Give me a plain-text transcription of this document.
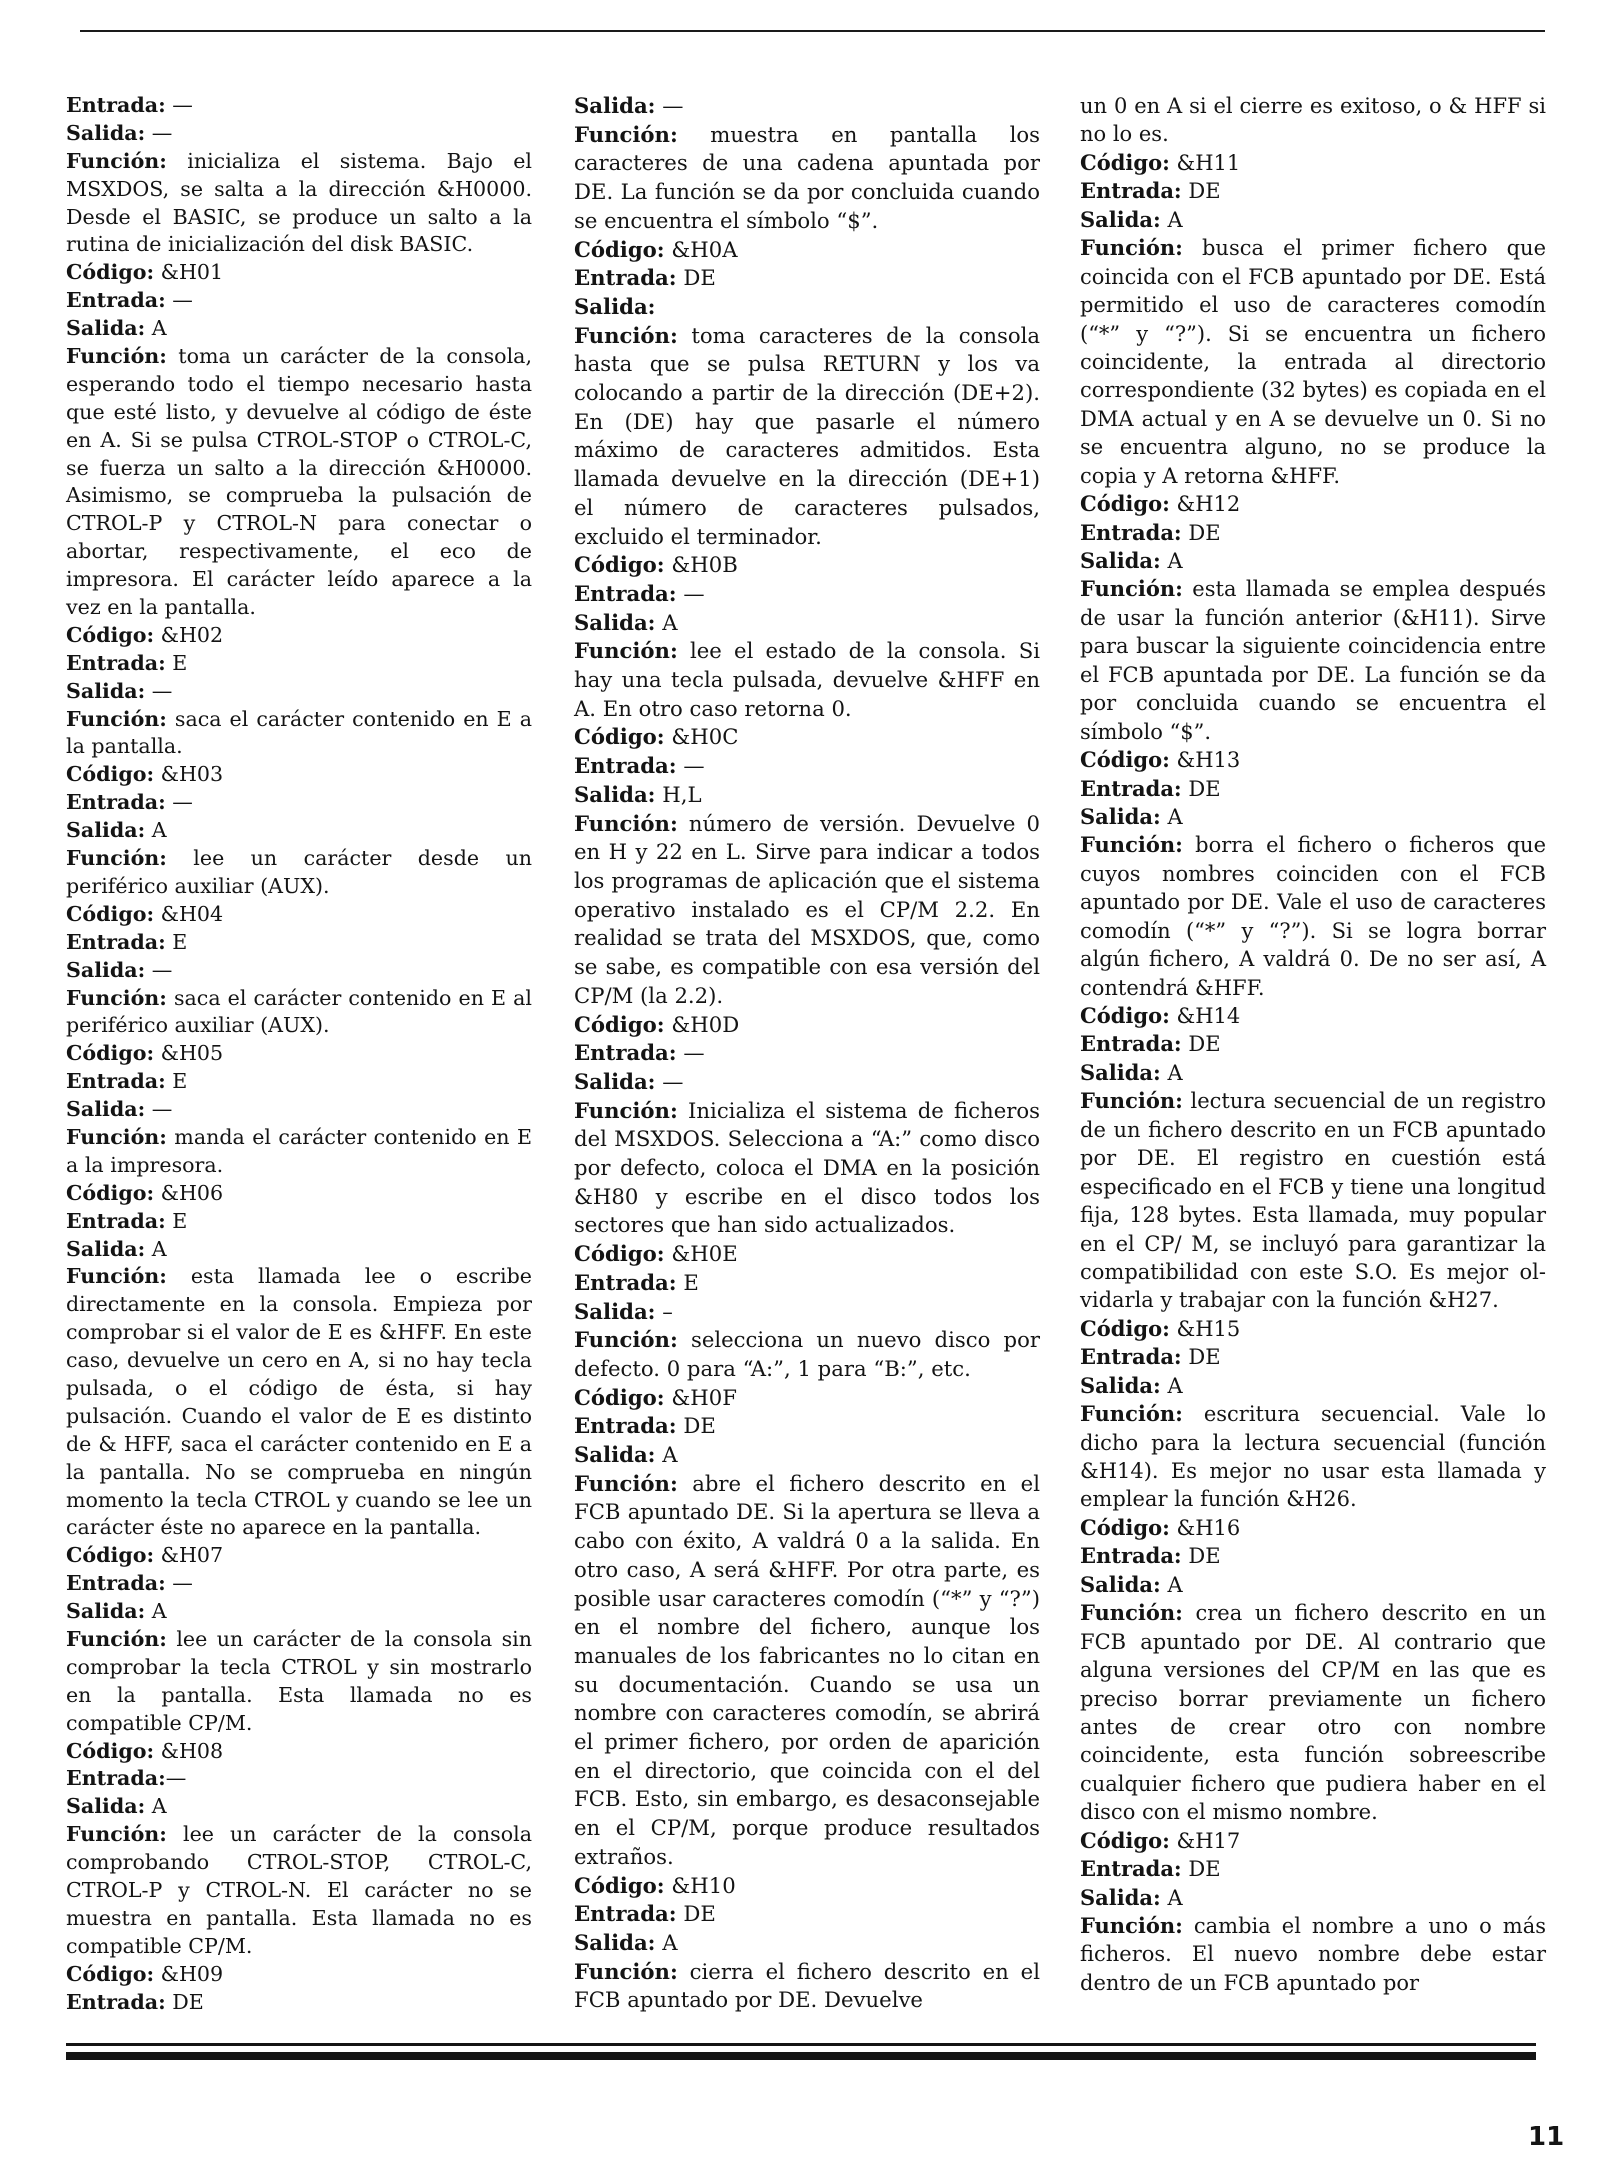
Entrada: —

Salida: —

Función: inicializa el sistema. Bajo el MSXDOS, se salta a la dirección &H0000. Desde el BASIC, se produce un salto a la rutina de inicialización del disk BASIC.

Código: &H01

Entrada: —

Salida: A

Función: toma un carácter de la consola, esperando todo el tiempo necesario hasta que esté listo, y devuelve al código de éste en A. Si se pulsa CTROL-STOP o CTROL-C, se fuerza un salto a la dirección &H0000. Asimismo, se comprueba la pulsación de CTROL-P y CTROL-N para conectar o abortar, respectivamente, el eco de impresora. El carácter leído aparece a la vez en la pantalla.

Código: &H02

Entrada: E

Salida: —

Función: saca el carácter contenido en E a la pantalla.

Código: &H03

Entrada: —

Salida: A

Función: lee un carácter desde un periférico auxiliar (AUX).

Código: &H04

Entrada: E

Salida: —

Función: saca el carácter contenido en E al periférico auxiliar (AUX).

Código: &H05

Entrada: E

Salida: —

Función: manda el carácter contenido en E a la impresora.

Código: &H06

Entrada: E

Salida: A

Función: esta llamada lee o escribe directamente en la consola. Empieza por comprobar si el valor de E es &HFF. En este caso, devuelve un cero en A, si no hay tecla pulsada, o el código de ésta, si hay pulsación. Cuando el valor de E es distinto de & HFF, saca el carácter contenido en E a la pantalla. No se comprueba en ningún momento la tecla CTROL y cuando se lee un carácter éste no aparece en la pantalla.

Código: &H07

Entrada: —

Salida: A

Función: lee un carácter de la consola sin comprobar la tecla CTROL y sin mostrarlo en la pantalla. Esta llamada no es compatible CP/M.

Código: &H08

Entrada:—

Salida: A

Función: lee un carácter de la consola comprobando CTROL-STOP, CTROL-C, CTROL-P y CTROL-N. El carácter no se muestra en pantalla. Esta llamada no es compatible CP/M.

Código: &H09

Entrada: DE

Salida: —

Función: muestra en pantalla los caracteres de una cadena apuntada por DE. La función se da por concluida cuando se encuentra el símbolo “$”.

Código: &H0A

Entrada: DE

Salida:

Función: toma caracteres de la consola hasta que se pulsa RETURN y los va colocando a partir de la dirección (DE+2). En (DE) hay que pasarle el número máximo de caracteres admitidos. Esta llamada devuelve en la dirección (DE+1) el número de caracteres pulsados, excluido el terminador.

Código: &H0B

Entrada: —

Salida: A

Función: lee el estado de la consola. Si hay una tecla pulsada, devuelve &HFF en A. En otro caso retorna 0.

Código: &H0C

Entrada: —

Salida: H,L

Función: número de versión. Devuelve 0 en H y 22 en L. Sirve para indicar a todos los programas de aplicación que el sistema operativo instalado es el CP/M 2.2. En realidad se trata del MSXDOS, que, como se sabe, es compatible con esa versión del CP/M (la 2.2).

Código: &H0D

Entrada: —

Salida: —

Función: Inicializa el sistema de ficheros del MSXDOS. Selecciona a “A:” como disco por defecto, coloca el DMA en la posición &H80 y escribe en el disco todos los sectores que han sido actualizados.

Código: &H0E

Entrada: E

Salida: –

Función: selecciona un nuevo disco por defecto. 0 para “A:”, 1 para “B:”, etc.

Código: &H0F

Entrada: DE

Salida: A

Función: abre el fichero descrito en el FCB apuntado DE. Si la apertura se lleva a cabo con éxito, A valdrá 0 a la salida. En otro caso, A será &HFF. Por otra parte, es posible usar caracteres comodín (“*” y “?”) en el nombre del fichero, aunque los manuales de los fabricantes no lo citan en su documentación. Cuando se usa un nombre con caracteres comodín, se abrirá el primer fichero, por orden de aparición en el directorio, que coincida con el del FCB. Esto, sin embargo, es desaconsejable en el CP/M, porque produce resultados extraños.

Código: &H10

Entrada: DE

Salida: A

Función: cierra el fichero descrito en el FCB apuntado por DE. Devuelve

un 0 en A si el cierre es exitoso, o & HFF si no lo es.

Código: &H11

Entrada: DE

Salida: A

Función: busca el primer fichero que coincida con el FCB apuntado por DE. Está permitido el uso de caracteres comodín (“*” y “?”). Si se encuentra un fichero coincidente, la entrada al directorio correspondiente (32 bytes) es copiada en el DMA actual y en A se devuelve un 0. Si no se encuentra alguno, no se produce la copia y A retorna &HFF.

Código: &H12

Entrada: DE

Salida: A

Función: esta llamada se emplea después de usar la función anterior (&H11). Sirve para buscar la siguiente coincidencia entre el FCB apuntada por DE. La función se da por concluida cuando se encuentra el símbolo “$”.

Código: &H13

Entrada: DE

Salida: A

Función: borra el fichero o ficheros que cuyos nombres coinciden con el FCB apuntado por DE. Vale el uso de caracteres comodín (“*” y “?”). Si se logra borrar algún fichero, A valdrá 0. De no ser así, A contendrá &HFF.

Código: &H14

Entrada: DE

Salida: A

Función: lectura secuencial de un registro de un fichero descrito en un FCB apuntado por DE. El registro en cuestión está especificado en el FCB y tiene una longitud fija, 128 bytes. Esta llamada, muy popular en el CP/ M, se incluyó para garantizar la compatibilidad con este S.O. Es mejor olvidarla y trabajar con la función &H27.

Código: &H15

Entrada: DE

Salida: A

Función: escritura secuencial. Vale lo dicho para la lectura secuencial (función &H14). Es mejor no usar esta llamada y emplear la función &H26.

Código: &H16

Entrada: DE

Salida: A

Función: crea un fichero descrito en un FCB apuntado por DE. Al contrario que alguna versiones del CP/M en las que es preciso borrar previamente un fichero antes de crear otro con nombre coincidente, esta función sobreescribe cualquier fichero que pudiera haber en el disco con el mismo nombre.

Código: &H17

Entrada: DE

Salida: A

Función: cambia el nombre a uno o más ficheros. El nuevo nombre debe estar dentro de un FCB apuntado por

11
